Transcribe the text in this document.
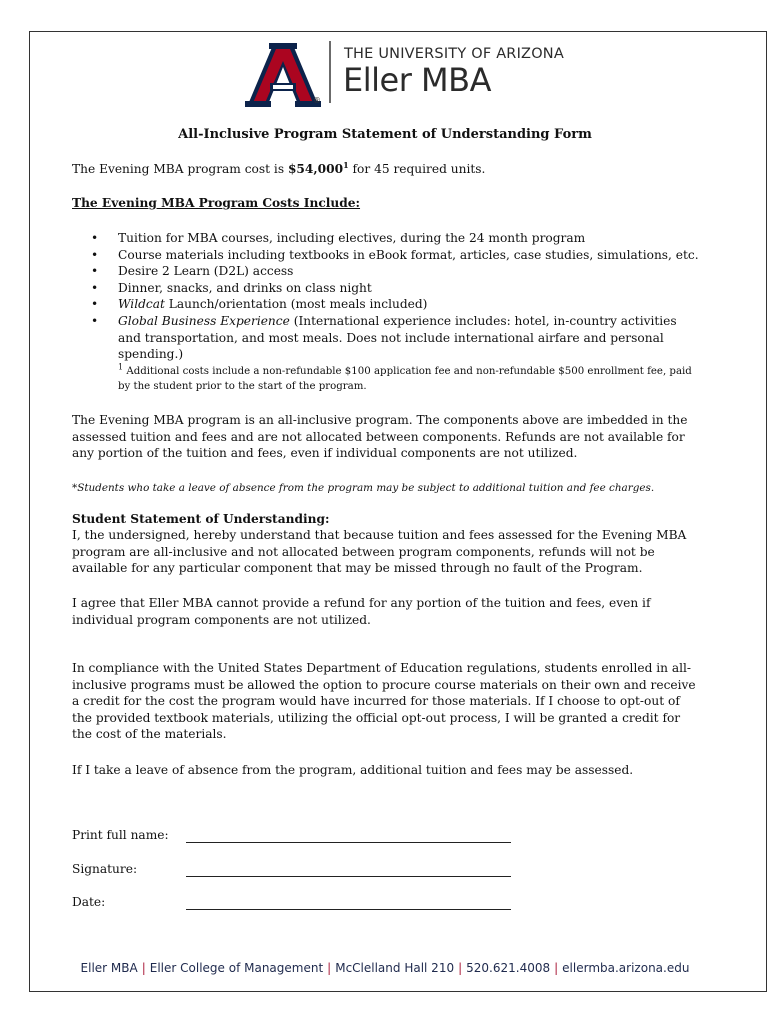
®
THE UNIVERSITY OF ARIZONA
Eller MBA
All-Inclusive Program Statement of Understanding Form
The Evening MBA program cost is $54,000$^1$ for 45 required units.
The Evening MBA Program Costs Include:
• Tuition for MBA courses, including electives, during the 24 month program
• Course materials including textbooks in eBook format, articles, case studies, simulations, etc.
• Desire 2 Learn (D2L) access
• Dinner, snacks, and drinks on class night
• Wildcat Launch/orientation (most meals included)
• Global Business Experience (International experience includes: hotel, in-country activities and transportation, and most meals. Does not include international airfare and personal spending.)
$^1$ Additional costs include a non-refundable $100 application fee and non-refundable $500 enrollment fee, paid by the student prior to the start of the program.
The Evening MBA program is an all-inclusive program. The components above are imbedded in the assessed tuition and fees and are not allocated between components. Refunds are not available for any portion of the tuition and fees, even if individual components are not utilized.
*Students who take a leave of absence from the program may be subject to additional tuition and fee charges.
Student Statement of Understanding:
I, the undersigned, hereby understand that because tuition and fees assessed for the Evening MBA program are all-inclusive and not allocated between program components, refunds will not be available for any particular component that may be missed through no fault of the Program.
I agree that Eller MBA cannot provide a refund for any portion of the tuition and fees, even if individual program components are not utilized.
In compliance with the United States Department of Education regulations, students enrolled in all-inclusive programs must be allowed the option to procure course materials on their own and receive a credit for the cost the program would have incurred for those materials. If I choose to opt-out of the provided textbook materials, utilizing the official opt-out process, I will be granted a credit for the cost of the materials.
If I take a leave of absence from the program, additional tuition and fees may be assessed.
Print full name:
Signature:
Date:
Eller MBA | Eller College of Management | McClelland Hall 210 | 520.621.4008 | ellermba.arizona.edu
